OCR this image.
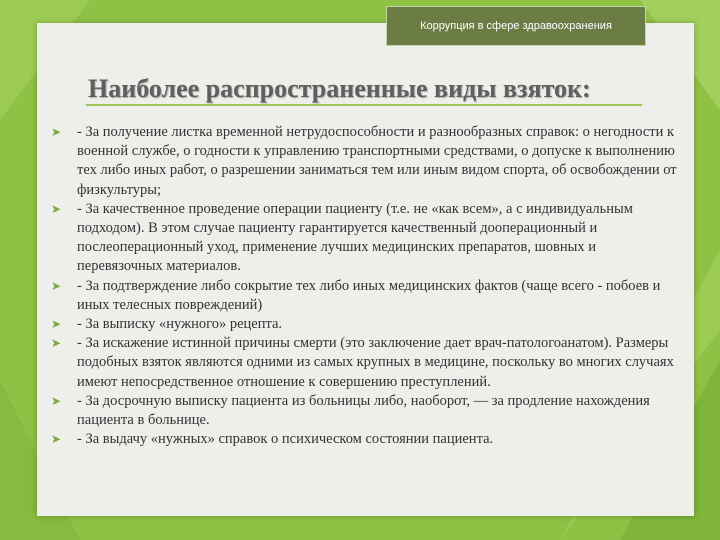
Коррупция в сфере здравоохранения
Наиболее распространенные виды взяток:
➤ - За получение листка временной нетрудоспособности и разнообразных справок: о негодности к военной службе, о годности к управлению транспортными средствами, о допуске к выполнению тех либо иных работ, о разрешении заниматься тем или иным видом спорта, об освобождении от физкультуры;
➤ - За качественное проведение операции пациенту (т.е. не «как всем», а с индивидуальным подходом). В этом случае пациенту гарантируется качественный дооперационный и послеоперационный уход, применение лучших медицинских препаратов, шовных и перевязочных материалов.
➤ - За подтверждение либо сокрытие тех либо иных медицинских фактов (чаще всего - побоев и иных телесных повреждений)
➤ - За выписку «нужного» рецепта.
➤ - За искажение истинной причины смерти (это заключение дает врач-патологоанатом). Размеры подобных взяток являются одними из самых крупных в медицине, поскольку во многих случаях имеют непосредственное отношение к совершению преступлений.
➤ - За досрочную выписку пациента из больницы либо, наоборот, — за продление нахождения пациента в больнице.
➤ - За выдачу «нужных» справок о психическом состоянии пациента.
